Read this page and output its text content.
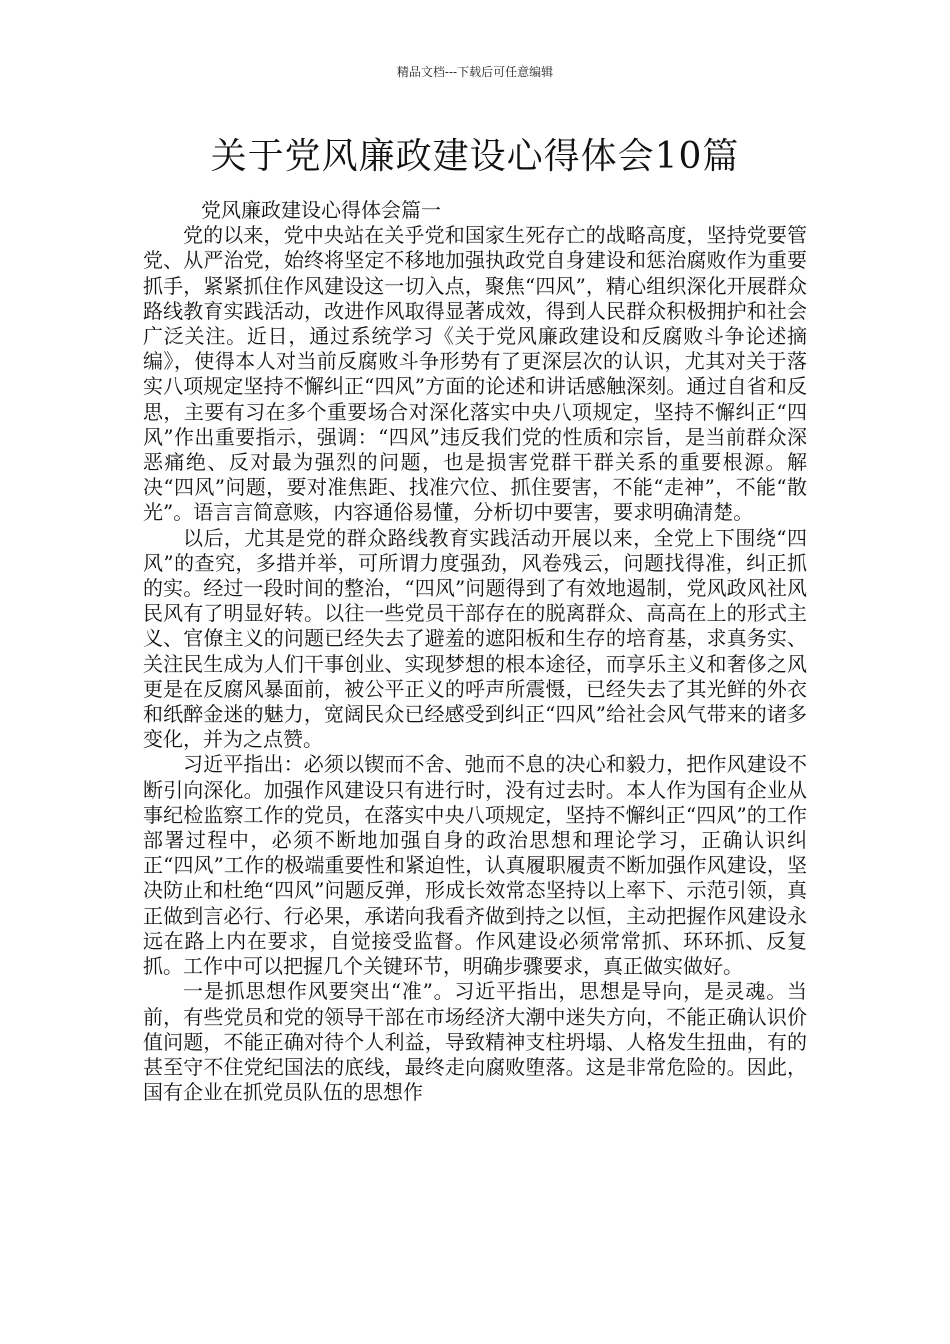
精品文档---下载后可任意编辑
关于党风廉政建设心得体会10篇

党风廉政建设心得体会篇一

党的以来，党中央站在关乎党和国家生死存亡的战略高度，坚持党要管党、从严治党，始终将坚定不移地加强执政党自身建设和惩治腐败作为重要抓手，紧紧抓住作风建设这一切入点，聚焦“四风”，精心组织深化开展群众路线教育实践活动，改进作风取得显著成效，得到人民群众积极拥护和社会广泛关注。近日，通过系统学习《关于党风廉政建设和反腐败斗争论述摘编》，使得本人对当前反腐败斗争形势有了更深层次的认识，尤其对关于落实八项规定坚持不懈纠正“四风”方面的论述和讲话感触深刻。通过自省和反思，主要有习在多个重要场合对深化落实中央八项规定，坚持不懈纠正“四风”作出重要指示，强调：“四风”违反我们党的性质和宗旨，是当前群众深恶痛绝、反对最为强烈的问题，也是损害党群干群关系的重要根源。解决“四风”问题，要对准焦距、找准穴位、抓住要害，不能“走神”，不能“散光”。语言言简意赅，内容通俗易懂，分析切中要害，要求明确清楚。

以后，尤其是党的群众路线教育实践活动开展以来，全党上下围绕“四风”的查究，多措并举，可所谓力度强劲，风卷残云，问题找得准，纠正抓的实。经过一段时间的整治，“四风”问题得到了有效地遏制，党风政风社风民风有了明显好转。以往一些党员干部存在的脱离群众、高高在上的形式主义、官僚主义的问题已经失去了避羞的遮阳板和生存的培育基，求真务实、关注民生成为人们干事创业、实现梦想的根本途径，而享乐主义和奢侈之风更是在反腐风暴面前，被公平正义的呼声所震慑，已经失去了其光鲜的外衣和纸醉金迷的魅力，宽阔民众已经感受到纠正“四风”给社会风气带来的诸多变化，并为之点赞。

习近平指出：必须以锲而不舍、弛而不息的决心和毅力，把作风建设不断引向深化。加强作风建设只有进行时，没有过去时。本人作为国有企业从事纪检监察工作的党员，在落实中央八项规定，坚持不懈纠正“四风”的工作部署过程中，必须不断地加强自身的政治思想和理论学习，正确认识纠正“四风”工作的极端重要性和紧迫性，认真履职履责不断加强作风建设，坚决防止和杜绝“四风”问题反弹，形成长效常态坚持以上率下、示范引领，真正做到言必行、行必果，承诺向我看齐做到持之以恒，主动把握作风建设永远在路上内在要求，自觉接受监督。作风建设必须常常抓、环环抓、反复抓。工作中可以把握几个关键环节，明确步骤要求，真正做实做好。

一是抓思想作风要突出“准”。习近平指出，思想是导向，是灵魂。当前，有些党员和党的领导干部在市场经济大潮中迷失方向，不能正确认识价值问题，不能正确对待个人利益，导致精神支柱坍塌、人格发生扭曲，有的甚至守不住党纪国法的底线，最终走向腐败堕落。这是非常危险的。因此，国有企业在抓党员队伍的思想作
